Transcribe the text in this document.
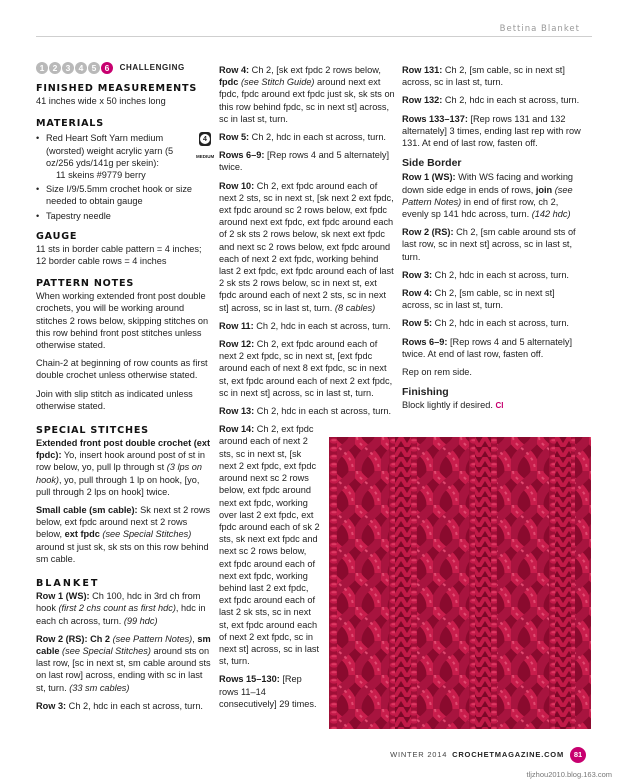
Bettina Blanket
1 2 3 4 5 6 CHALLENGING
FINISHED MEASUREMENTS
41 inches wide x 50 inches long
MATERIALS
4
MEDIUM
• Red Heart Soft Yarn medium (worsted) weight acrylic yarn (5 oz/256 yds/141g per skein):
11 skeins #9779 berry
• Size I/9/5.5mm crochet hook or size needed to obtain gauge
• Tapestry needle
GAUGE
11 sts in border cable pattern = 4 inches;
12 border cable rows = 4 inches
PATTERN NOTES
When working extended front post double crochets, you will be working around stitches 2 rows below, skipping stitches on this row behind front post stitches unless otherwise stated.
Chain-2 at beginning of row counts as first double crochet unless otherwise stated.
Join with slip stitch as indicated unless otherwise stated.
SPECIAL STITCHES
Extended front post double crochet (ext fpdc): Yo, insert hook around post of st in row below, yo, pull lp through st (3 lps on hook), yo, pull through 1 lp on hook, [yo, pull through 2 lps on hook] twice.
Small cable (sm cable): Sk next st 2 rows below, ext fpdc around next st 2 rows below, ext fpdc (see Special Stitches) around st just sk, sk sts on this row behind sm cable.
BLANKET
Row 1 (WS): Ch 100, hdc in 3rd ch from hook (first 2 chs count as first hdc), hdc in each ch across, turn. (99 hdc)
Row 2 (RS): Ch 2 (see Pattern Notes), sm cable (see Special Stitches) around sts on last row, [sc in next st, sm cable around sts on last row] across, ending with sc in last st, turn. (33 sm cables)
Row 3: Ch 2, hdc in each st across, turn.
Row 4: Ch 2, [sk ext fpdc 2 rows below, fpdc (see Stitch Guide) around next ext fpdc, fpdc around ext fpdc just sk, sk sts on this row behind fpdc, sc in next st] across, sc in last st, turn.
Row 5: Ch 2, hdc in each st across, turn.
Rows 6–9: [Rep rows 4 and 5 alternately] twice.
Row 10: Ch 2, ext fpdc around each of next 2 sts, sc in next st, [sk next 2 ext fpdc, ext fpdc around sc 2 rows below, ext fpdc around next ext fpdc, ext fpdc around each of 2 sk sts 2 rows below, sk next ext fpdc and next sc 2 rows below, ext fpdc around each of next 2 ext fpdc, working behind last 2 ext fpdc, ext fpdc around each of last 2 sk sts 2 rows below, sc in next st, ext fpdc around each of next 2 sts, sc in next st] across, sc in last st, turn. (8 cables)
Row 11: Ch 2, hdc in each st across, turn.
Row 12: Ch 2, ext fpdc around each of next 2 ext fpdc, sc in next st, [ext fpdc around each of next 8 ext fpdc, sc in next st, ext fpdc around each of next 2 ext fpdc, sc in next st] across, sc in last st, turn.
Row 13: Ch 2, hdc in each st across, turn.
Row 14: Ch 2, ext fpdc around each of next 2 sts, sc in next st, [sk next 2 ext fpdc, ext fpdc around next sc 2 rows below, ext fpdc around next ext fpdc, working over last 2 ext fpdc, ext fpdc around each of sk 2 sts, sk next ext fpdc and next sc 2 rows below, ext fpdc around each of next ext fpdc, working behind last 2 ext fpdc, ext fpdc around each of last 2 sk sts, sc in next st, ext fpdc around each of next 2 ext fpdc, sc in next st] across, sc in last st, turn.
Rows 15–130: [Rep rows 11–14 consecutively] 29 times.
Row 131: Ch 2, [sm cable, sc in next st] across, sc in last st, turn.
Row 132: Ch 2, hdc in each st across, turn.
Rows 133–137: [Rep rows 131 and 132 alternately] 3 times, ending last rep with row 131. At end of last row, fasten off.
Side Border
Row 1 (WS): With WS facing and working down side edge in ends of rows, join (see Pattern Notes) in end of first row, ch 2, evenly sp 141 hdc across, turn. (142 hdc)
Row 2 (RS): Ch 2, [sm cable around sts of last row, sc in next st] across, sc in last st, turn.
Row 3: Ch 2, hdc in each st across, turn.
Row 4: Ch 2, [sm cable, sc in next st] across, sc in last st, turn.
Row 5: Ch 2, hdc in each st across, turn.
Rows 6–9: [Rep rows 4 and 5 alternately] twice. At end of last row, fasten off.
Rep on rem side.
Finishing
Block lightly if desired. CI
WINTER 2014 CROCHETMAGAZINE.COM	81
tljzhou2010.blog.163.com
